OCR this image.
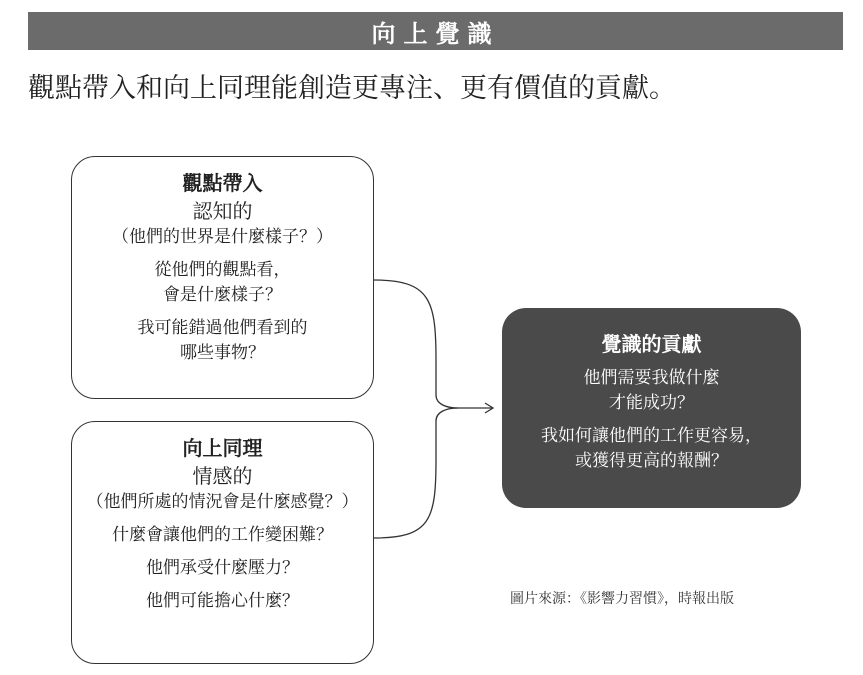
向上覺識
觀點帶入和向上同理能創造更專注、更有價值的貢獻。
觀點帶入
認知的
（他們的世界是什麼樣子？）
從他們的觀點看，
會是什麼樣子？
我可能錯過他們看到的
哪些事物？
向上同理
情感的
（他們所處的情況會是什麼感覺？）
什麼會讓他們的工作變困難？
他們承受什麼壓力？
他們可能擔心什麼？
覺識的貢獻
他們需要我做什麼
才能成功？
我如何讓他們的工作更容易，
或獲得更高的報酬？
圖片來源：《影響力習慣》，時報出版
